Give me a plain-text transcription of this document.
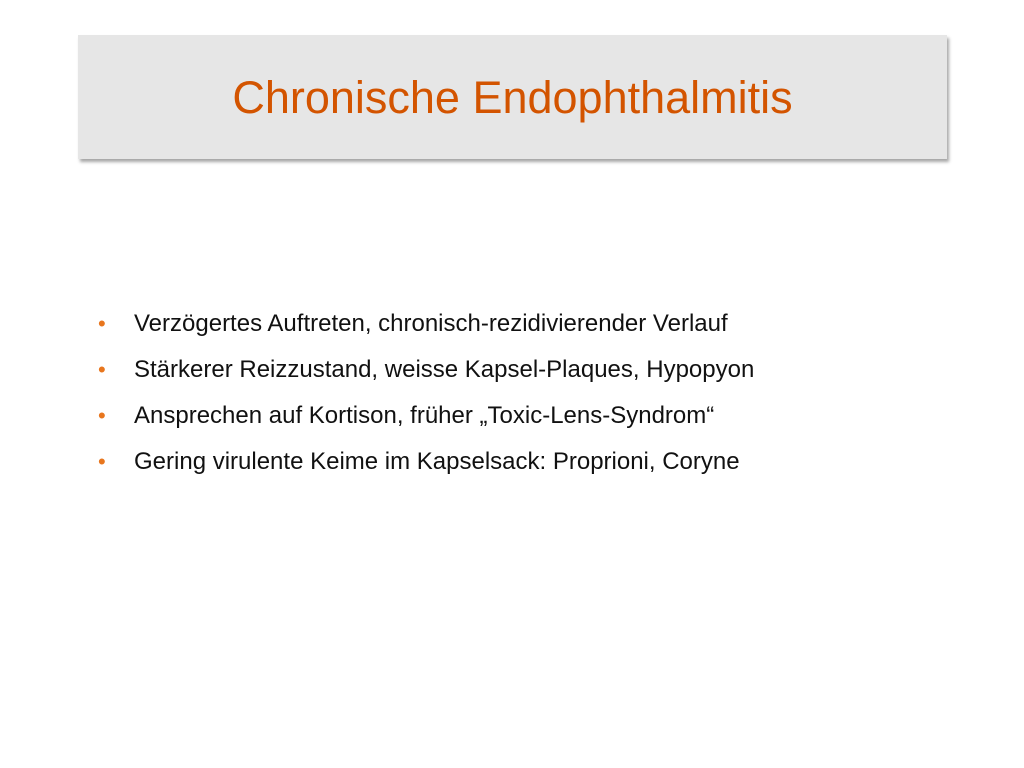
Chronische Endophthalmitis
•	Verzögertes Auftreten, chronisch-rezidivierender Verlauf
•	Stärkerer Reizzustand, weisse Kapsel-Plaques, Hypopyon
•	Ansprechen auf Kortison, früher „Toxic-Lens-Syndrom“
•	Gering virulente Keime im Kapselsack: Proprioni, Coryne
